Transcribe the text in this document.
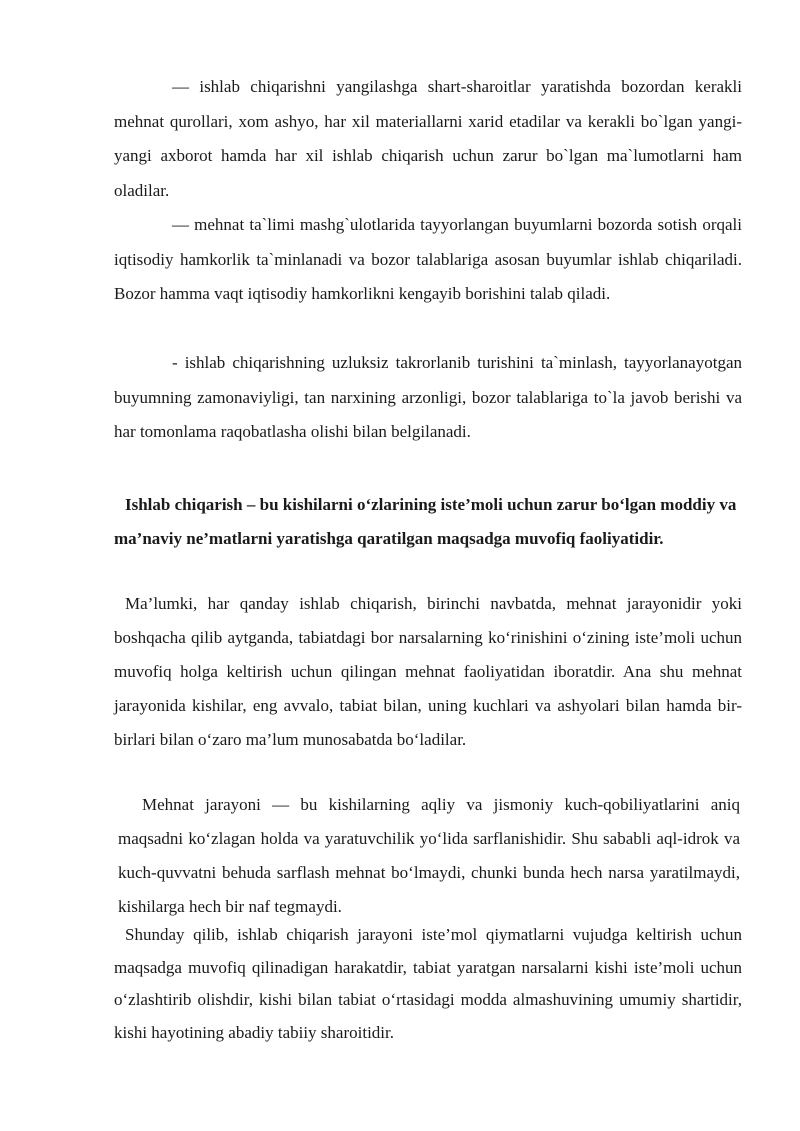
— ishlab chiqarishni yangilashga shart-sharoitlar yaratishda bozordan kerakli mehnat qurollari, xom ashyo, har xil materiallarni xarid etadilar va kerakli bo`lgan yangi-yangi axborot hamda har xil ishlab chiqarish uchun zarur bo`lgan ma`lumotlarni ham oladilar.

— mehnat ta`limi mashg`ulotlarida tayyorlangan buyumlarni bozorda sotish orqali iqtisodiy hamkorlik ta`minlanadi va bozor talablariga asosan buyumlar ishlab chiqariladi. Bozor hamma vaqt iqtisodiy hamkorlikni kengayib borishini talab qiladi.

- ishlab chiqarishning uzluksiz takrorlanib turishini ta`minlash, tayyorlanayotgan buyumning zamonaviyligi, tan narxining arzonligi, bozor talablariga to`la javob berishi va har tomonlama raqobatlasha olishi bilan belgilanadi.

Ishlab chiqarish – bu kishilarni o‘zlarining iste’moli uchun zarur bo‘lgan moddiy va ma’naviy ne’matlarni yaratishga qaratilgan maqsadga muvofiq faoliyatidir.

Ma’lumki, har qanday ishlab chiqarish, birinchi navbatda, mehnat jarayonidir yoki boshqacha qilib aytganda, tabiatdagi bor narsalarning ko‘rinishini o‘zining iste’moli uchun muvofiq holga keltirish uchun qilingan mehnat faoliyatidan iboratdir. Ana shu mehnat jarayonida kishilar, eng avvalo, tabiat bilan, uning kuchlari va ashyolari bilan hamda bir-birlari bilan o‘zaro ma’lum munosabatda bo‘ladilar.

Mehnat jarayoni — bu kishilarning aqliy va jismoniy kuch-qobiliyatlarini aniq maqsadni ko‘zlagan holda va yaratuvchilik yo‘lida sarflanishidir. Shu sababli aql-idrok va kuch-quvvatni behuda sarflash mehnat bo‘lmaydi, chunki bunda hech narsa yaratilmaydi, kishilarga hech bir naf tegmaydi.

Shunday qilib, ishlab chiqarish jarayoni iste’mol qiymatlarni vujudga keltirish uchun maqsadga muvofiq qilinadigan harakatdir, tabiat yaratgan narsalarni kishi iste’moli uchun o‘zlashtirib olishdir, kishi bilan tabiat o‘rtasidagi modda almashuvining umumiy shartidir, kishi hayotining abadiy tabiiy sharoitidir.
